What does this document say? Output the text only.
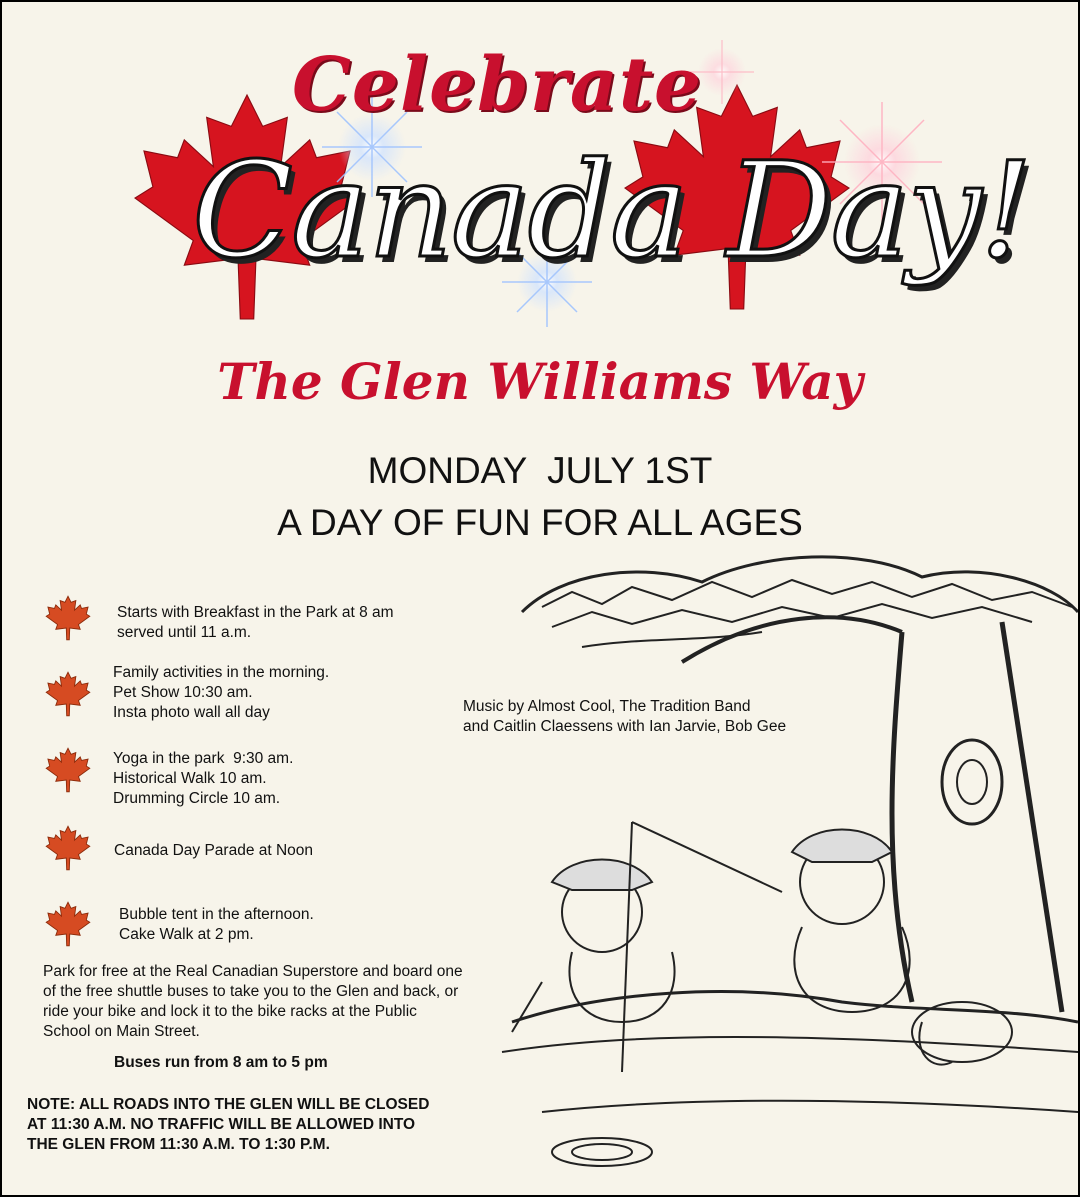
Celebrate
Canada Day!
The Glen Williams Way
MONDAY  JULY 1ST
A DAY OF FUN FOR ALL AGES
Starts with Breakfast in the Park at 8 am
served until 11 a.m.
Family activities in the morning.
Pet Show 10:30 am.
Insta photo wall all day
Yoga in the park  9:30 am.
Historical Walk 10 am.
Drumming Circle 10 am.
Canada Day Parade at Noon
Bubble tent in the afternoon.
Cake Walk at 2 pm.
Music by Almost Cool, The Tradition Band
and Caitlin Claessens with Ian Jarvie, Bob Gee
Park for free at the Real Canadian Superstore and board one
of the free shuttle buses to take you to the Glen and back, or
ride your bike and lock it to the bike racks at the Public
School on Main Street.
Buses run from 8 am to 5 pm
NOTE: ALL ROADS INTO THE GLEN WILL BE CLOSED
AT 11:30 A.M. NO TRAFFIC WILL BE ALLOWED INTO
THE GLEN FROM 11:30 A.M. TO 1:30 P.M.
